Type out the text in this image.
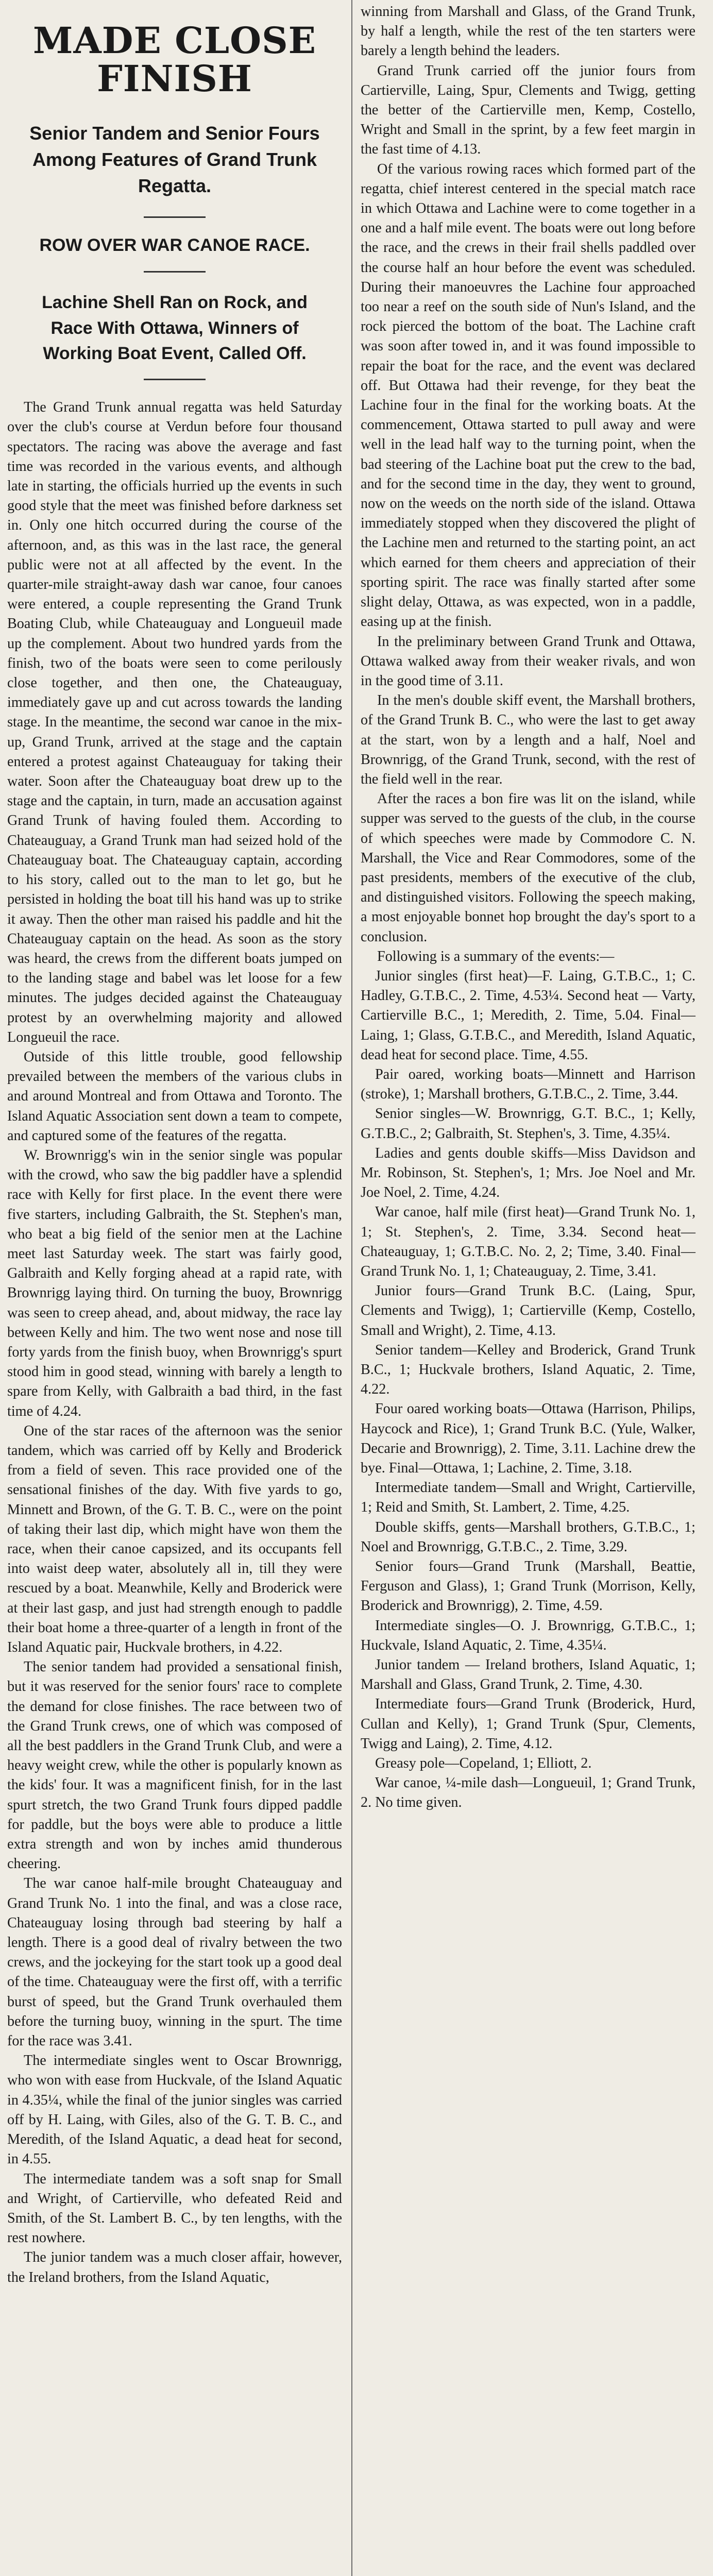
MADE CLOSE FINISH
Senior Tandem and Senior Fours Among Features of Grand Trunk Regatta.
ROW OVER WAR CANOE RACE.
Lachine Shell Ran on Rock, and Race With Ottawa, Winners of Working Boat Event, Called Off.

The Grand Trunk annual regatta was held Saturday over the club's course at Verdun before four thousand spectators. The racing was above the average and fast time was recorded in the various events, and although late in starting, the officials hurried up the events in such good style that the meet was finished before darkness set in. Only one hitch occurred during the course of the afternoon, and, as this was in the last race, the general public were not at all affected by the event. In the quarter-mile straight-away dash war canoe, four canoes were entered, a couple representing the Grand Trunk Boating Club, while Chateauguay and Longueuil made up the complement. About two hundred yards from the finish, two of the boats were seen to come perilously close together, and then one, the Chateauguay, immediately gave up and cut across towards the landing stage. In the meantime, the second war canoe in the mix-up, Grand Trunk, arrived at the stage and the captain entered a protest against Chateauguay for taking their water. Soon after the Chateauguay boat drew up to the stage and the captain, in turn, made an accusation against Grand Trunk of having fouled them. According to Chateauguay, a Grand Trunk man had seized hold of the Chateauguay boat. The Chateauguay captain, according to his story, called out to the man to let go, but he persisted in holding the boat till his hand was up to strike it away. Then the other man raised his paddle and hit the Chateauguay captain on the head. As soon as the story was heard, the crews from the different boats jumped on to the landing stage and babel was let loose for a few minutes. The judges decided against the Chateauguay protest by an overwhelming majority and allowed Longueuil the race.

Outside of this little trouble, good fellowship prevailed between the members of the various clubs in and around Montreal and from Ottawa and Toronto. The Island Aquatic Association sent down a team to compete, and captured some of the features of the regatta.

W. Brownrigg's win in the senior single was popular with the crowd, who saw the big paddler have a splendid race with Kelly for first place. In the event there were five starters, including Galbraith, the St. Stephen's man, who beat a big field of the senior men at the Lachine meet last Saturday week. The start was fairly good, Galbraith and Kelly forging ahead at a rapid rate, with Brownrigg laying third. On turning the buoy, Brownrigg was seen to creep ahead, and, about midway, the race lay between Kelly and him. The two went nose and nose till forty yards from the finish buoy, when Brownrigg's spurt stood him in good stead, winning with barely a length to spare from Kelly, with Galbraith a bad third, in the fast time of 4.24.

One of the star races of the afternoon was the senior tandem, which was carried off by Kelly and Broderick from a field of seven. This race provided one of the sensational finishes of the day. With five yards to go, Minnett and Brown, of the G. T. B. C., were on the point of taking their last dip, which might have won them the race, when their canoe capsized, and its occupants fell into waist deep water, absolutely all in, till they were rescued by a boat. Meanwhile, Kelly and Broderick were at their last gasp, and just had strength enough to paddle their boat home a three-quarter of a length in front of the Island Aquatic pair, Huckvale brothers, in 4.22.

The senior tandem had provided a sensational finish, but it was reserved for the senior fours' race to complete the demand for close finishes. The race between two of the Grand Trunk crews, one of which was composed of all the best paddlers in the Grand Trunk Club, and were a heavy weight crew, while the other is popularly known as the kids' four. It was a magnificent finish, for in the last spurt stretch, the two Grand Trunk fours dipped paddle for paddle, but the boys were able to produce a little extra strength and won by inches amid thunderous cheering.

The war canoe half-mile brought Chateauguay and Grand Trunk No. 1 into the final, and was a close race, Chateauguay losing through bad steering by half a length. There is a good deal of rivalry between the two crews, and the jockeying for the start took up a good deal of the time. Chateauguay were the first off, with a terrific burst of speed, but the Grand Trunk overhauled them before the turning buoy, winning in the spurt. The time for the race was 3.41.

The intermediate singles went to Oscar Brownrigg, who won with ease from Huckvale, of the Island Aquatic in 4.35¼, while the final of the junior singles was carried off by H. Laing, with Giles, also of the G. T. B. C., and Meredith, of the Island Aquatic, a dead heat for second, in 4.55.

The intermediate tandem was a soft snap for Small and Wright, of Cartierville, who defeated Reid and Smith, of the St. Lambert B. C., by ten lengths, with the rest nowhere.

The junior tandem was a much closer affair, however, the Ireland brothers, from the Island Aquatic,

winning from Marshall and Glass, of the Grand Trunk, by half a length, while the rest of the ten starters were barely a length behind the leaders.

Grand Trunk carried off the junior fours from Cartierville, Laing, Spur, Clements and Twigg, getting the better of the Cartierville men, Kemp, Costello, Wright and Small in the sprint, by a few feet margin in the fast time of 4.13.

Of the various rowing races which formed part of the regatta, chief interest centered in the special match race in which Ottawa and Lachine were to come together in a one and a half mile event. The boats were out long before the race, and the crews in their frail shells paddled over the course half an hour before the event was scheduled. During their manoeuvres the Lachine four approached too near a reef on the south side of Nun's Island, and the rock pierced the bottom of the boat. The Lachine craft was soon after towed in, and it was found impossible to repair the boat for the race, and the event was declared off. But Ottawa had their revenge, for they beat the Lachine four in the final for the working boats. At the commencement, Ottawa started to pull away and were well in the lead half way to the turning point, when the bad steering of the Lachine boat put the crew to the bad, and for the second time in the day, they went to ground, now on the weeds on the north side of the island. Ottawa immediately stopped when they discovered the plight of the Lachine men and returned to the starting point, an act which earned for them cheers and appreciation of their sporting spirit. The race was finally started after some slight delay, Ottawa, as was expected, won in a paddle, easing up at the finish.

In the preliminary between Grand Trunk and Ottawa, Ottawa walked away from their weaker rivals, and won in the good time of 3.11.

In the men's double skiff event, the Marshall brothers, of the Grand Trunk B. C., who were the last to get away at the start, won by a length and a half, Noel and Brownrigg, of the Grand Trunk, second, with the rest of the field well in the rear.

After the races a bon fire was lit on the island, while supper was served to the guests of the club, in the course of which speeches were made by Commodore C. N. Marshall, the Vice and Rear Commodores, some of the past presidents, members of the executive of the club, and distinguished visitors. Following the speech making, a most enjoyable bonnet hop brought the day's sport to a conclusion.

Following is a summary of the events:—

Junior singles (first heat)—F. Laing, G.T.B.C., 1; C. Hadley, G.T.B.C., 2. Time, 4.53¼. Second heat — Varty, Cartierville B.C., 1; Meredith, 2. Time, 5.04. Final—Laing, 1; Glass, G.T.B.C., and Meredith, Island Aquatic, dead heat for second place. Time, 4.55.

Pair oared, working boats—Minnett and Harrison (stroke), 1; Marshall brothers, G.T.B.C., 2. Time, 3.44.

Senior singles—W. Brownrigg, G.T. B.C., 1; Kelly, G.T.B.C., 2; Galbraith, St. Stephen's, 3. Time, 4.35¼.

Ladies and gents double skiffs—Miss Davidson and Mr. Robinson, St. Stephen's, 1; Mrs. Joe Noel and Mr. Joe Noel, 2. Time, 4.24.

War canoe, half mile (first heat)—Grand Trunk No. 1, 1; St. Stephen's, 2. Time, 3.34. Second heat—Chateauguay, 1; G.T.B.C. No. 2, 2; Time, 3.40. Final—Grand Trunk No. 1, 1; Chateauguay, 2. Time, 3.41.

Junior fours—Grand Trunk B.C. (Laing, Spur, Clements and Twigg), 1; Cartierville (Kemp, Costello, Small and Wright), 2. Time, 4.13.

Senior tandem—Kelley and Broderick, Grand Trunk B.C., 1; Huckvale brothers, Island Aquatic, 2. Time, 4.22.

Four oared working boats—Ottawa (Harrison, Philips, Haycock and Rice), 1; Grand Trunk B.C. (Yule, Walker, Decarie and Brownrigg), 2. Time, 3.11. Lachine drew the bye. Final—Ottawa, 1; Lachine, 2. Time, 3.18.

Intermediate tandem—Small and Wright, Cartierville, 1; Reid and Smith, St. Lambert, 2. Time, 4.25.

Double skiffs, gents—Marshall brothers, G.T.B.C., 1; Noel and Brownrigg, G.T.B.C., 2. Time, 3.29.

Senior fours—Grand Trunk (Marshall, Beattie, Ferguson and Glass), 1; Grand Trunk (Morrison, Kelly, Broderick and Brownrigg), 2. Time, 4.59.

Intermediate singles—O. J. Brownrigg, G.T.B.C., 1; Huckvale, Island Aquatic, 2. Time, 4.35¼.

Junior tandem — Ireland brothers, Island Aquatic, 1; Marshall and Glass, Grand Trunk, 2. Time, 4.30.

Intermediate fours—Grand Trunk (Broderick, Hurd, Cullan and Kelly), 1; Grand Trunk (Spur, Clements, Twigg and Laing), 2. Time, 4.12.

Greasy pole—Copeland, 1; Elliott, 2.

War canoe, ¼-mile dash—Longueuil, 1; Grand Trunk, 2. No time given.
